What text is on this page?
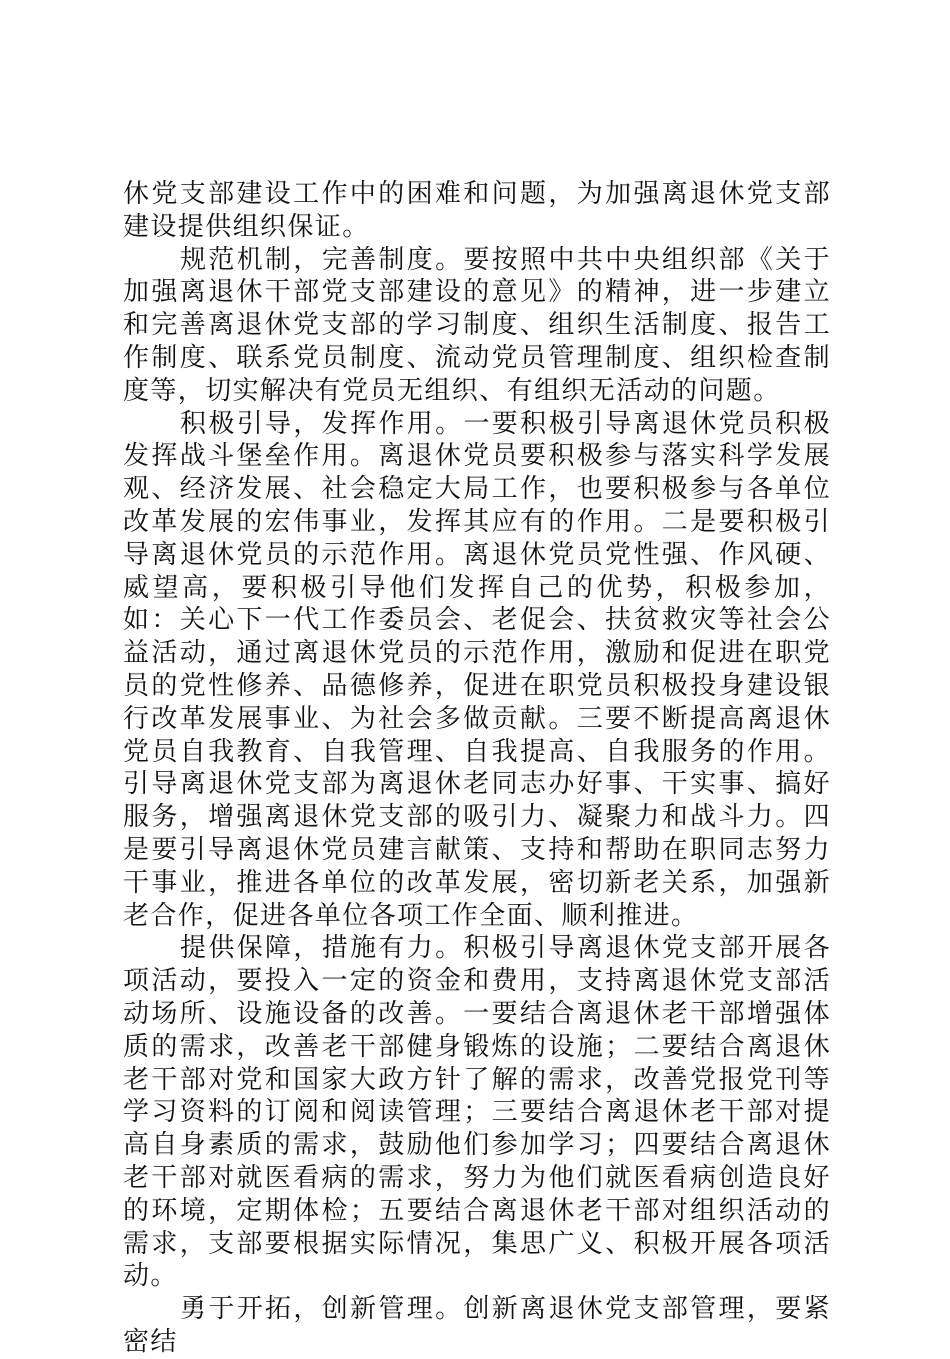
休党支部建设工作中的困难和问题，为加强离退休党支部建设提供组织保证。

规范机制，完善制度。要按照中共中央组织部《关于加强离退休干部党支部建设的意见》的精神，进一步建立和完善离退休党支部的学习制度、组织生活制度、报告工作制度、联系党员制度、流动党员管理制度、组织检查制度等，切实解决有党员无组织、有组织无活动的问题。

积极引导，发挥作用。一要积极引导离退休党员积极发挥战斗堡垒作用。离退休党员要积极参与落实科学发展观、经济发展、社会稳定大局工作，也要积极参与各单位改革发展的宏伟事业，发挥其应有的作用。二是要积极引导离退休党员的示范作用。离退休党员党性强、作风硬、威望高，要积极引导他们发挥自己的优势，积极参加，如：关心下一代工作委员会、老促会、扶贫救灾等社会公益活动，通过离退休党员的示范作用，激励和促进在职党员的党性修养、品德修养，促进在职党员积极投身建设银行改革发展事业、为社会多做贡献。三要不断提高离退休党员自我教育、自我管理、自我提高、自我服务的作用。引导离退休党支部为离退休老同志办好事、干实事、搞好服务，增强离退休党支部的吸引力、凝聚力和战斗力。四是要引导离退休党员建言献策、支持和帮助在职同志努力干事业，推进各单位的改革发展，密切新老关系，加强新老合作，促进各单位各项工作全面、顺利推进。

提供保障，措施有力。积极引导离退休党支部开展各项活动，要投入一定的资金和费用，支持离退休党支部活动场所、设施设备的改善。一要结合离退休老干部增强体质的需求，改善老干部健身锻炼的设施；二要结合离退休老干部对党和国家大政方针了解的需求，改善党报党刊等学习资料的订阅和阅读管理；三要结合离退休老干部对提高自身素质的需求，鼓励他们参加学习；四要结合离退休老干部对就医看病的需求，努力为他们就医看病创造良好的环境，定期体检；五要结合离退休老干部对组织活动的需求，支部要根据实际情况，集思广义、积极开展各项活动。

勇于开拓，创新管理。创新离退休党支部管理，要紧密结
